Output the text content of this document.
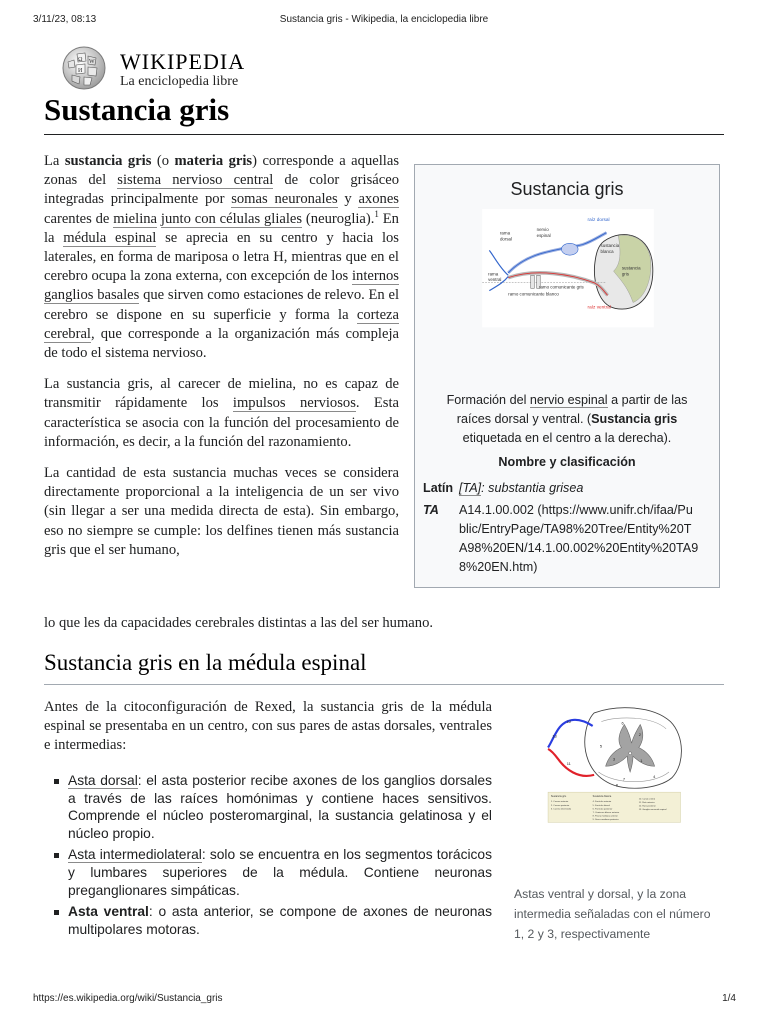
3/11/23, 08:13	Sustancia gris - Wikipedia, la enciclopedia libre
Ω W
И WIKIPEDIA
La enciclopedia libre
Sustancia gris

La sustancia gris (o materia gris) corresponde a aquellas zonas del sistema nervioso central de color grisáceo integradas principalmente por somas neuronales y axones carentes de mielina junto con células gliales (neuroglia).$^1$ En la médula espinal se aprecia en su centro y hacia los laterales, en forma de mariposa o letra H, mientras que en el cerebro ocupa la zona externa, con excepción de los internos ganglios basales que sirven como estaciones de relevo. En el cerebro se dispone en su superficie y forma la corteza cerebral, que corresponde a la organización más compleja de todo el sistema nervioso.

La sustancia gris, al carecer de mielina, no es capaz de transmitir rápidamente los impulsos nerviosos. Esta característica se asocia con la función del procesamiento de información, es decir, a la función del razonamiento.

La cantidad de esta sustancia muchas veces se considera directamente proporcional a la inteligencia de un ser vivo (sin llegar a ser una medida directa de esta). Sin embargo, eso no siempre se cumple: los delfines tienen más sustancia gris que el ser humano,

lo que les da capacidades cerebrales distintas a las del ser humano.
Sustancia gris
raíz dorsal
nervio
espinal
rama
dorsal
sustancia
blanca
sustancia
gris
rama
ventral
ramo comunicante gris
ramo comunicante blanco
raíz ventral
Formación del nervio espinal a partir de las raíces dorsal y ventral. (Sustancia gris etiquetada en el centro a la derecha).
Nombre y clasificación
Latín [TA]: substantia grisea
TA A14.1.00.002 (https://www.unifr.ch/ifaa/Pu
blic/EntryPage/TA98%20Tree/Entity%20T
A98%20EN/14.1.00.002%20Entity%20TA9
8%20EN.htm)
Sustancia gris en la médula espinal
Antes de la citoconfiguración de Rexed, la sustancia gris de la médula espinal se presentaba en un centro, con sus pares de astas dorsales, ventrales e intermedias:
Asta dorsal: el asta posterior recibe axones de los ganglios dorsales a través de las raíces homónimas y contiene haces sensitivos. Comprende el núcleo posteromarginal, la sustancia gelatinosa y el núcleo propio.
Asta intermediolateral: solo se encuentra en los segmentos torácicos y lumbares superiores de la médula. Contiene neuronas preganglionares simpáticas.
Asta ventral: o asta anterior, se compone de axones de neuronas multipolares motoras.
12
13
11
6
5
7
8
1
2
3
4
Sustancia gris
1. Cuerno anterior
2. Cuerno posterior
3. Cuerno intermedio
Sustancia blanca
4. Funículo anterior
5. Funículo lateral
6. Funículo posterior
7. Comisura blanca anterior
8. Fisura mediana anterior
9. Surco mediano posterior
10. Canal central
11. Raíz anterior
12. Raíz posterior
13. Ganglio sensorial espinal
Astas ventral y dorsal, y la zona intermedia señaladas con el número 1, 2 y 3, respectivamente
https://es.wikipedia.org/wiki/Sustancia_gris	1/4
